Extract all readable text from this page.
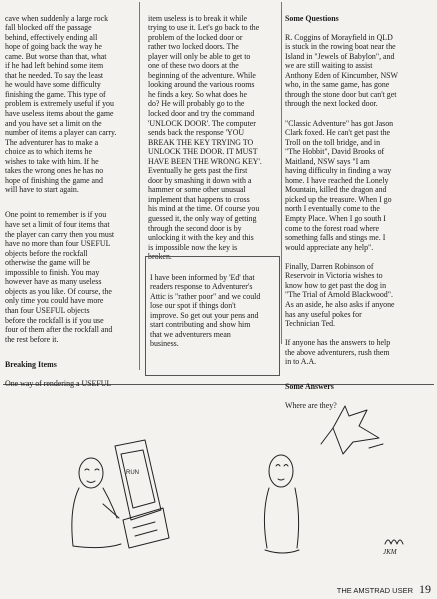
cave when suddenly a large rock
fall blocked off the passage
behind, effectively ending all
hope of going back the way he
came. But worse than that, what
if he had left behind some item
that he needed. To say the least
he would have some difficulty
finishing the game. This type of
problem is extremely useful if you
have useless items about the game
and you have set a limit on the
number of items a player can carry.
The adventurer has to make a
choice as to which items he
wishes to take with him. If he
takes the wrong ones he has no
hope of finishing the game and
will have to start again.

One point to remember is if you
have set a limit of four items that
the player can carry then you must
have no more than four USEFUL
objects before the rockfall
otherwise the game will be
impossible to finish. You may
however have as many useless
objects as you like. Of course, the
only time you could have more
than four USEFUL objects
before the rockfall is if you use
four of them after the rockfall and
the rest before it.

Breaking Items

One way of rendering a USEFUL

item useless is to break it while
trying to use it. Let's go back to the
problem of the locked door or
rather two locked doors. The
player will only be able to get to
one of these two doors at the
beginning of the adventure. While
looking around the various rooms
he finds a key. So what does he
do? He will probably go to the
locked door and try the command
'UNLOCK DOOR'. The computer
sends back the response 'YOU
BREAK THE KEY TRYING TO
UNLOCK THE DOOR. IT MUST
HAVE BEEN THE WRONG KEY'.
Eventually he gets past the first
door by smashing it down with a
hammer or some other unusual
implement that happens to cross
his mind at the time. Of course you
guessed it, the only way of getting
through the second door is by
unlocking it with the key and this
is impossible now the key is
broken.

I have been informed by 'Ed' that
readers response to Adventurer's
Attic is "rather poor" and we could
lose our spot if things don't
improve. So get out your pens and
start contributing and show him
that we adventurers mean
business.

Some Questions

R. Coggins of Morayfield in QLD
is stuck in the rowing boat near the
Island in "Jewels of Babylon", and
we are still waiting to assist
Anthony Eden of Kincumber, NSW
who, in the same game, has gone
through the stone door but can't get
through the next locked door.

"Classic Adventure" has got Jason
Clark foxed. He can't get past the
Troll on the toll bridge, and in
"The Hobbit", David Brooks of
Maitland, NSW says "I am
having difficulty in finding a way
home. I have reached the Lonely
Mountain, killed the dragon and
picked up the treasure. When I go
north I eventually come to the
Empty Place. When I go south I
come to the forest road where
something falls and stings me. I
would appreciate any help".

Finally, Darren Robinson of
Reservoir in Victoria wishes to
know how to get past the dog in
"The Trial of Arnold Blackwood".
As an aside, he also asks if anyone
has any useful pokes for
Technician Ted.

If anyone has the answers to help
the above adventurers, rush them
in to A.A.

Some Answers

Where are they?

RUN
JKM
THE AMSTRAD USER 19
